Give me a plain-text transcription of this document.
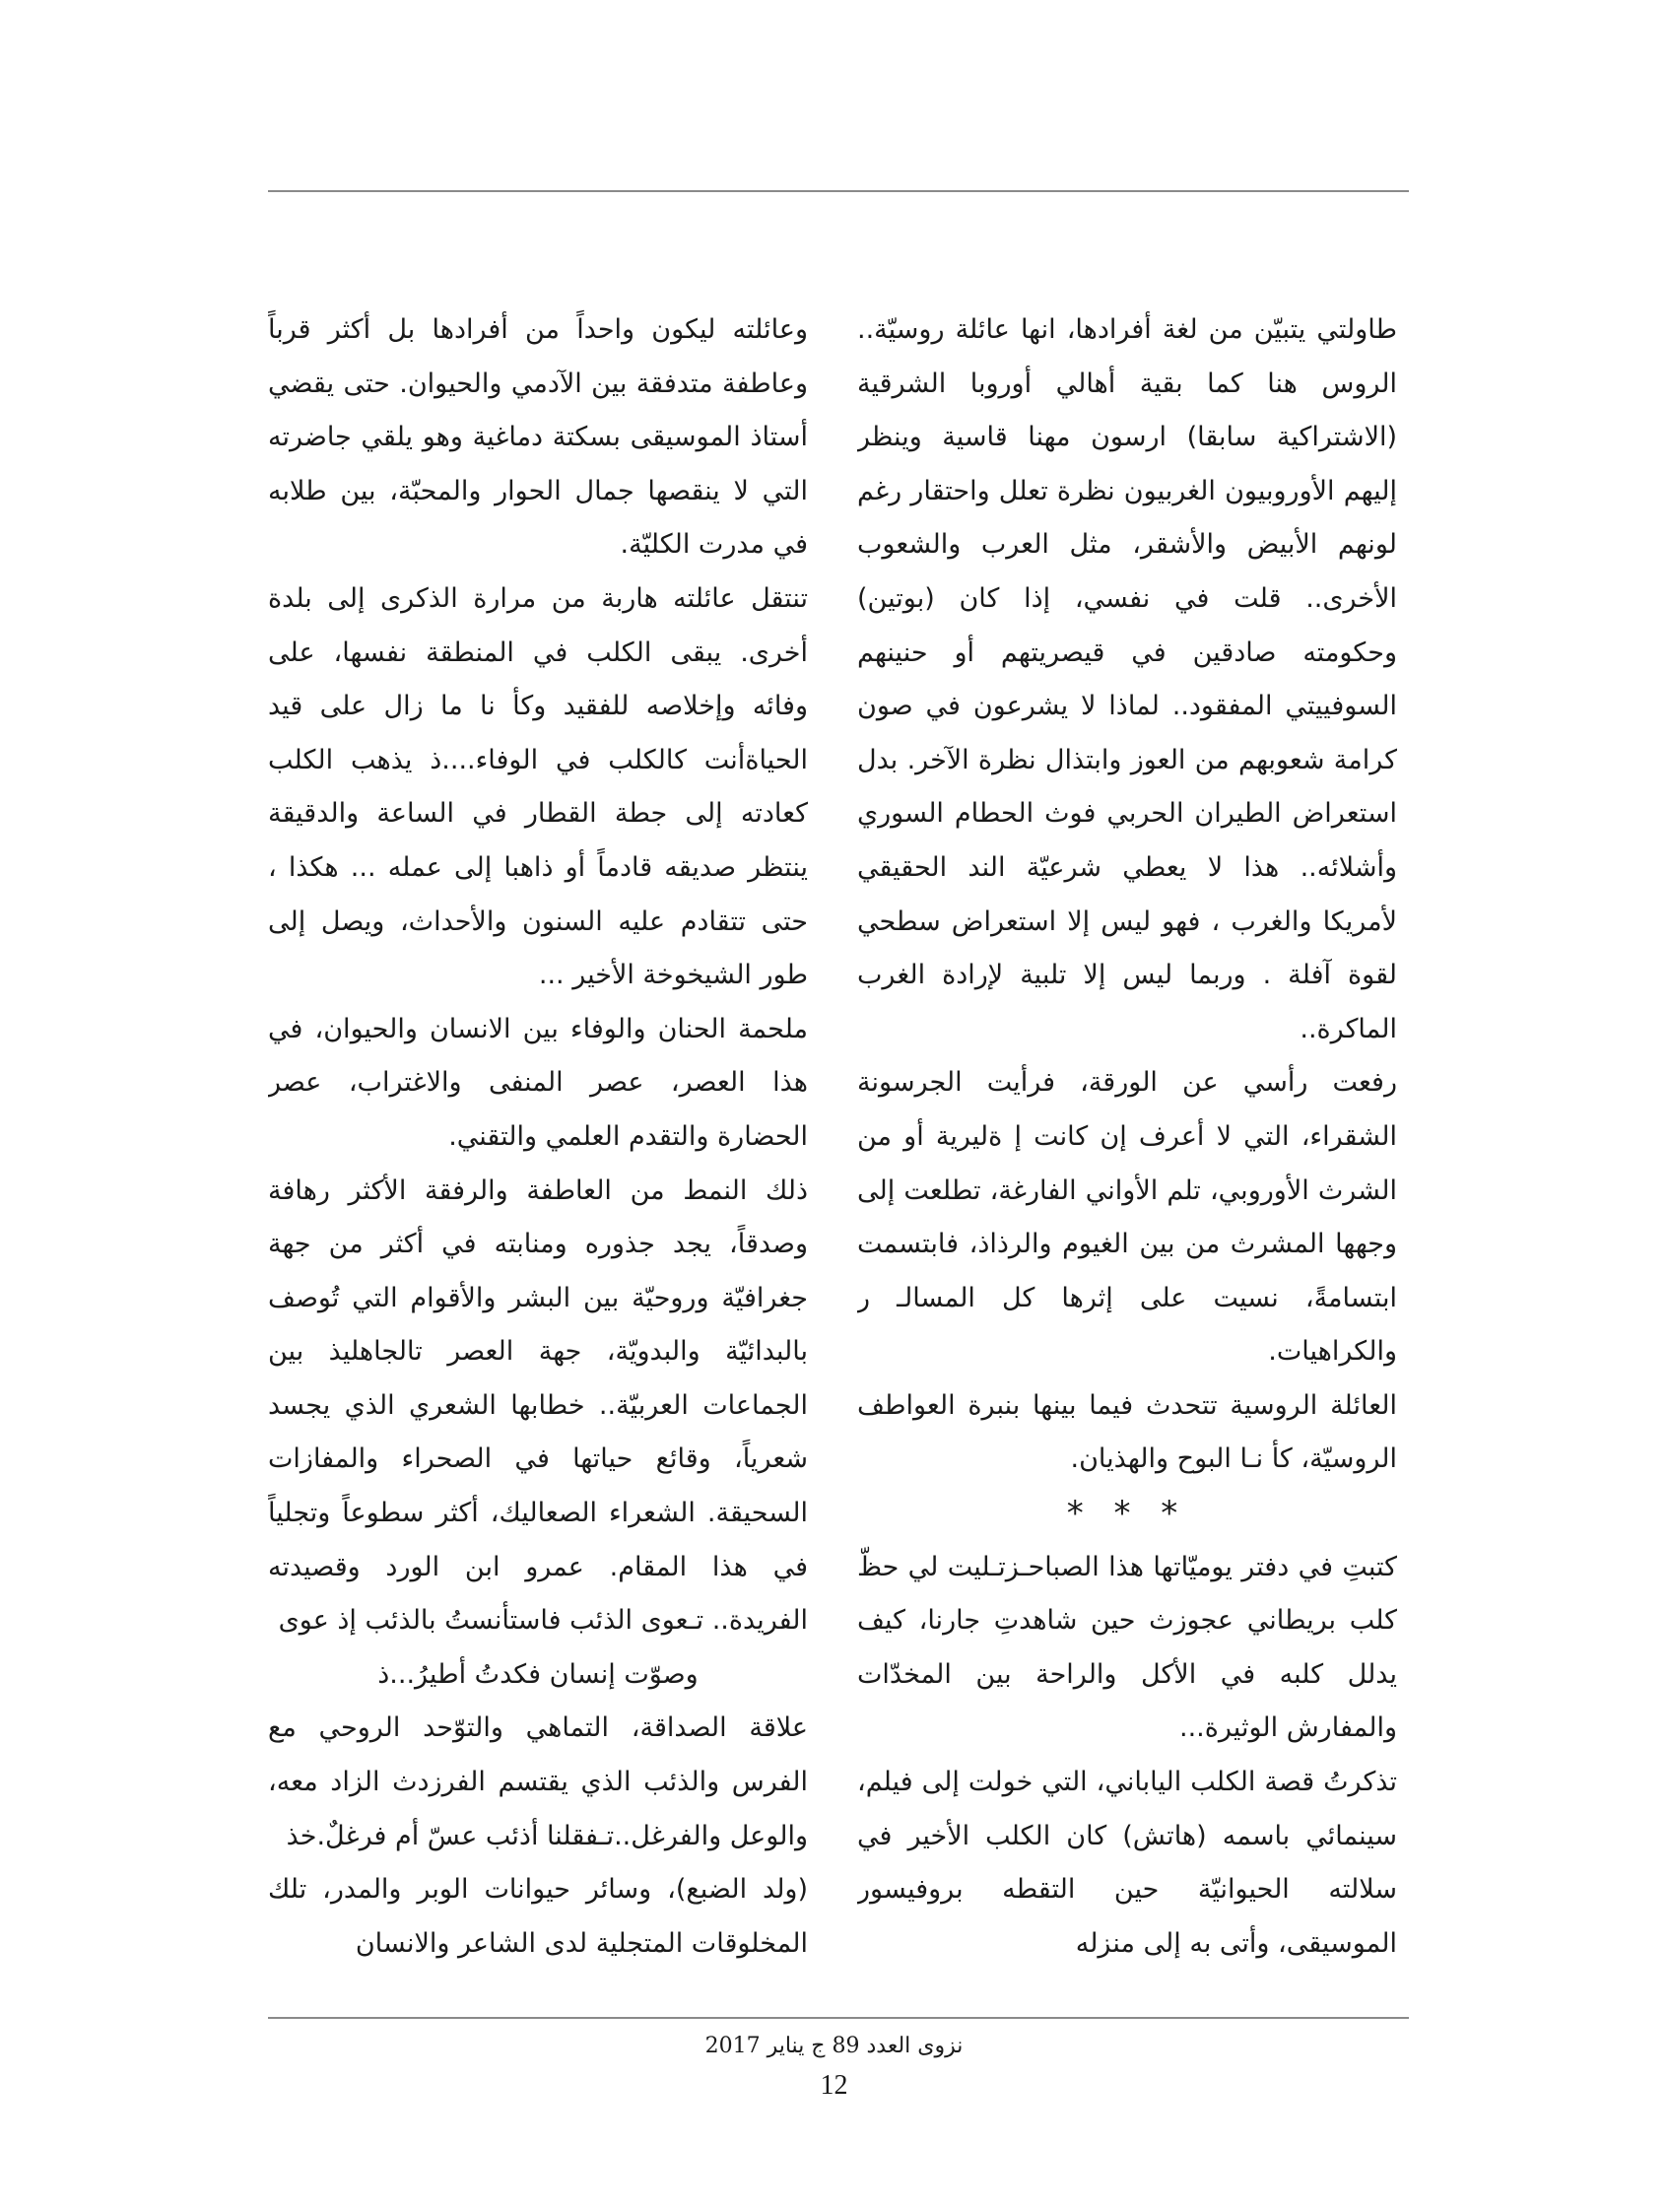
طاولتي يتبيّن من لغة أفرادها، انها عائلة روسيّة.. الروس هنا كما بقية أهالي أوروبا الشرقية (الاشتراكية سابقا) ارسون مهنا قاسية وينظر إليهم الأوروبيون الغربيون نظرة تعلل واحتقار رغم لونهم الأبيض والأشقر، مثل العرب والشعوب الأخرى.. قلت في نفسي، إذا كان (بوتين) وحكومته صادقين في قيصريتهم أو حنينهم السوفييتي المفقود.. لماذا لا يشرعون في صون كرامة شعوبهم من العوز وابتذال نظرة الآخر. بدل استعراض الطيران الحربي فوث الحطام السوري وأشلائه.. هذا لا يعطي شرعيّة الند الحقيقي لأمريكا والغرب ، فهو ليس إلا استعراض سطحي لقوة آفلة . وربما ليس إلا تلبية لإرادة الغرب الماكرة..

رفعت رأسي عن الورقة، فرأيت الجرسونة الشقراء، التي لا أعرف إن كانت إ ةليرية أو من الشرث الأوروبي، تلم الأواني الفارغة، تطلعت إلى وجهها المشرث من بين الغيوم والرذاذ، فابتسمت ابتسامةً، نسيت على إثرها كل المسالـ ر والكراهيات.

العائلة الروسية تتحدث فيما بينها بنبرة العواطف الروسيّة، كأ نـا البوح والهذيان.

* * *

كتبتِ في دفتر يوميّاتها هذا الصباحـزتـليت لي حظّ كلب بريطاني عجوزث حين شاهدتِ جارنا، كيف يدلل كلبه في الأكل والراحة بين المخدّات والمفارش الوثيرة...

تذكرتُ قصة الكلب الياباني، التي خولت إلى فيلم، سينمائي باسمه (هاتش) كان الكلب الأخير في سلالته الحيوانيّة حين التقطه بروفيسور الموسيقى، وأتى به إلى منزله

وعائلته ليكون واحداً من أفرادها بل أكثر قرباً وعاطفة متدفقة بين الآدمي والحيوان. حتى يقضي أستاذ الموسيقى بسكتة دماغية وهو يلقي جاضرته التي لا ينقصها جمال الحوار والمحبّة، بين طلابه في مدرت الكليّة.

تنتقل عائلته هاربة من مرارة الذكرى إلى بلدة أخرى. يبقى الكلب في المنطقة نفسها، على وفائه وإخلاصه للفقيد وكأ نا ما زال على قيد الحياةأنت كالكلب في الوفاء....ذ يذهب الكلب كعادته إلى جطة القطار في الساعة والدقيقة ينتظر صديقه قادماً أو ذاهبا إلى عمله ... هكذا ، حتى تتقادم عليه السنون والأحداث، ويصل إلى طور الشيخوخة الأخير ...

ملحمة الحنان والوفاء بين الانسان والحيوان، في هذا العصر، عصر المنفى والاغتراب، عصر الحضارة والتقدم العلمي والتقني.

ذلك النمط من العاطفة والرفقة الأكثر رهافة وصدقاً، يجد جذوره ومنابته في أكثر من جهة جغرافيّة وروحيّة بين البشر والأقوام التي تُوصف بالبدائيّة والبدويّة، جهة العصر تالجاهليذ بين الجماعات العربيّة.. خطابها الشعري الذي يجسد شعرياً، وقائع حياتها في الصحراء والمفازات السحيقة. الشعراء الصعاليك، أكثر سطوعاً وتجلياً في هذا المقام. عمرو ابن الورد وقصيدته الفريدة.. تـعوى الذئب فاستأنستُ بالذئب إذ عوى

وصوّت إنسان فكدتُ أطيرُ...ذ

علاقة الصداقة، التماهي والتوّحد الروحي مع الفرس والذئب الذي يقتسم الفرزدث الزاد معه، والوعل والفرغل..تـفقلنا أذئب عسّ أم فرغلٌ.خذ

(ولد الضبع)، وسائر حيوانات الوبر والمدر، تلك المخلوقات المتجلية لدى الشاعر والانسان

نزوى العدد 89 ج يناير 2017
12
